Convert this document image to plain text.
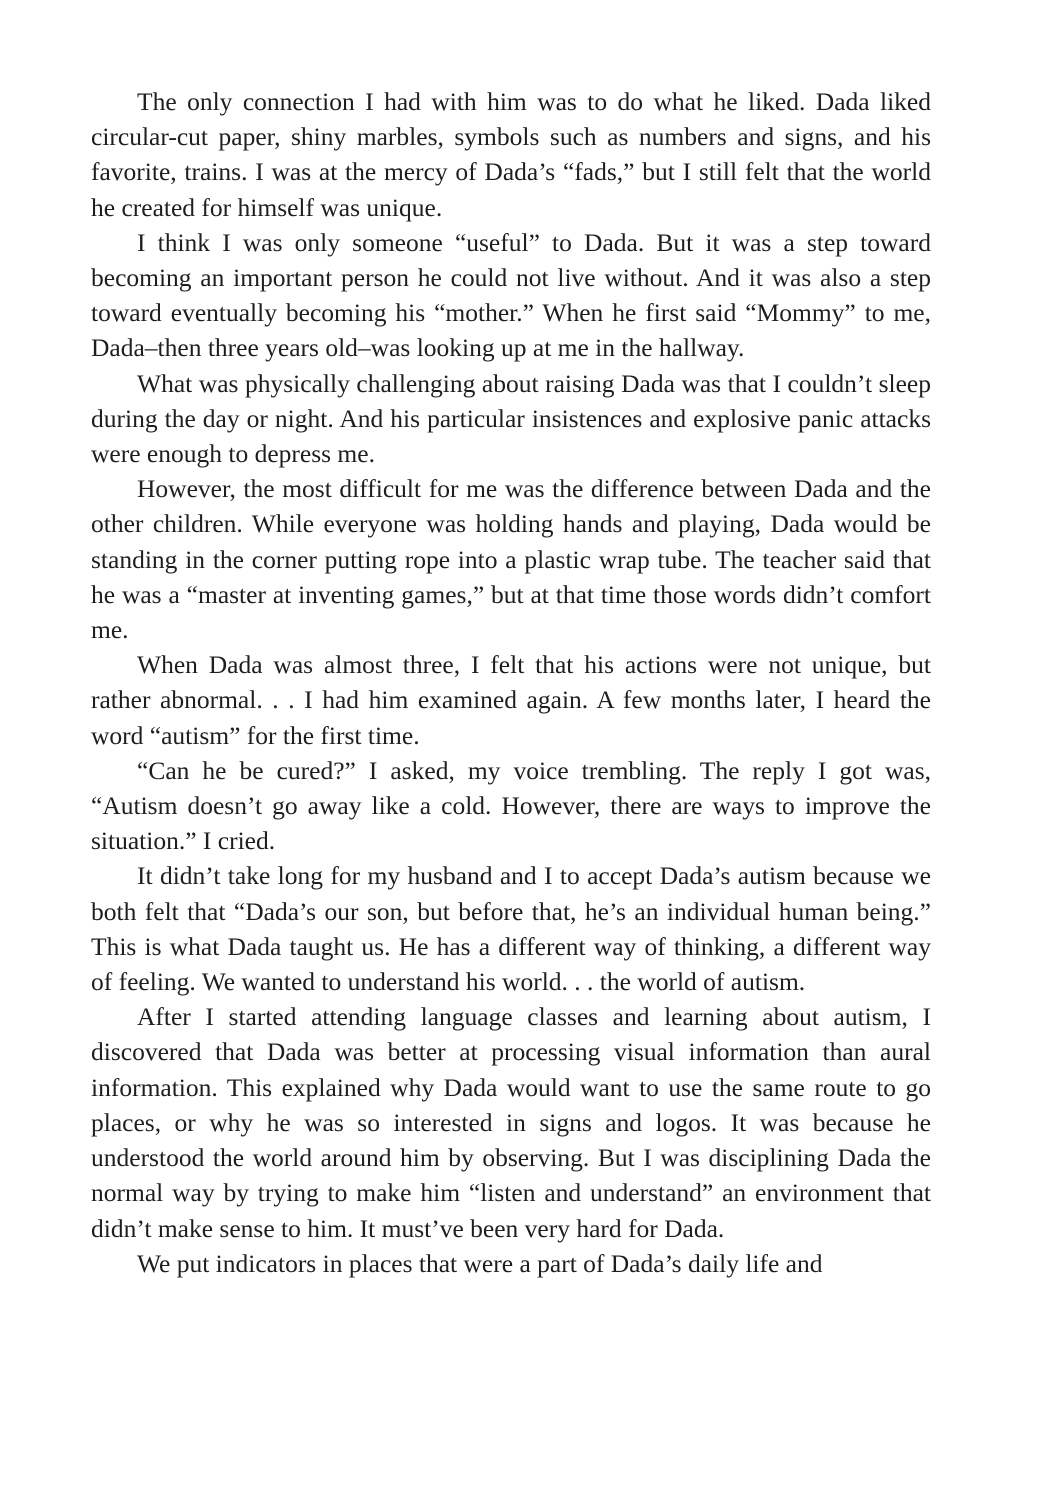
The only connection I had with him was to do what he liked. Dada liked circular-cut paper, shiny marbles, symbols such as numbers and signs, and his favorite, trains. I was at the mercy of Dada’s “fads,” but I still felt that the world he created for himself was unique.

I think I was only someone “useful” to Dada. But it was a step toward becoming an important person he could not live without. And it was also a step toward eventually becoming his “mother.” When he first said “Mommy” to me, Dada–then three years old–was looking up at me in the hallway.

What was physically challenging about raising Dada was that I couldn’t sleep during the day or night. And his particular insistences and explosive panic attacks were enough to depress me.

However, the most difficult for me was the difference between Dada and the other children. While everyone was holding hands and playing, Dada would be standing in the corner putting rope into a plastic wrap tube. The teacher said that he was a “master at inventing games,” but at that time those words didn’t comfort me.

When Dada was almost three, I felt that his actions were not unique, but rather abnormal. . . I had him examined again. A few months later, I heard the word “autism” for the first time.

“Can he be cured?” I asked, my voice trembling. The reply I got was, “Autism doesn’t go away like a cold. However, there are ways to improve the situation.” I cried.

It didn’t take long for my husband and I to accept Dada’s autism because we both felt that “Dada’s our son, but before that, he’s an individual human being.” This is what Dada taught us. He has a different way of thinking, a different way of feeling. We wanted to understand his world. . . the world of autism.

After I started attending language classes and learning about autism, I discovered that Dada was better at processing visual information than aural information. This explained why Dada would want to use the same route to go places, or why he was so interested in signs and logos. It was because he understood the world around him by observing. But I was disciplining Dada the normal way by trying to make him “listen and understand” an environment that didn’t make sense to him. It must’ve been very hard for Dada.

We put indicators in places that were a part of Dada’s daily life and
